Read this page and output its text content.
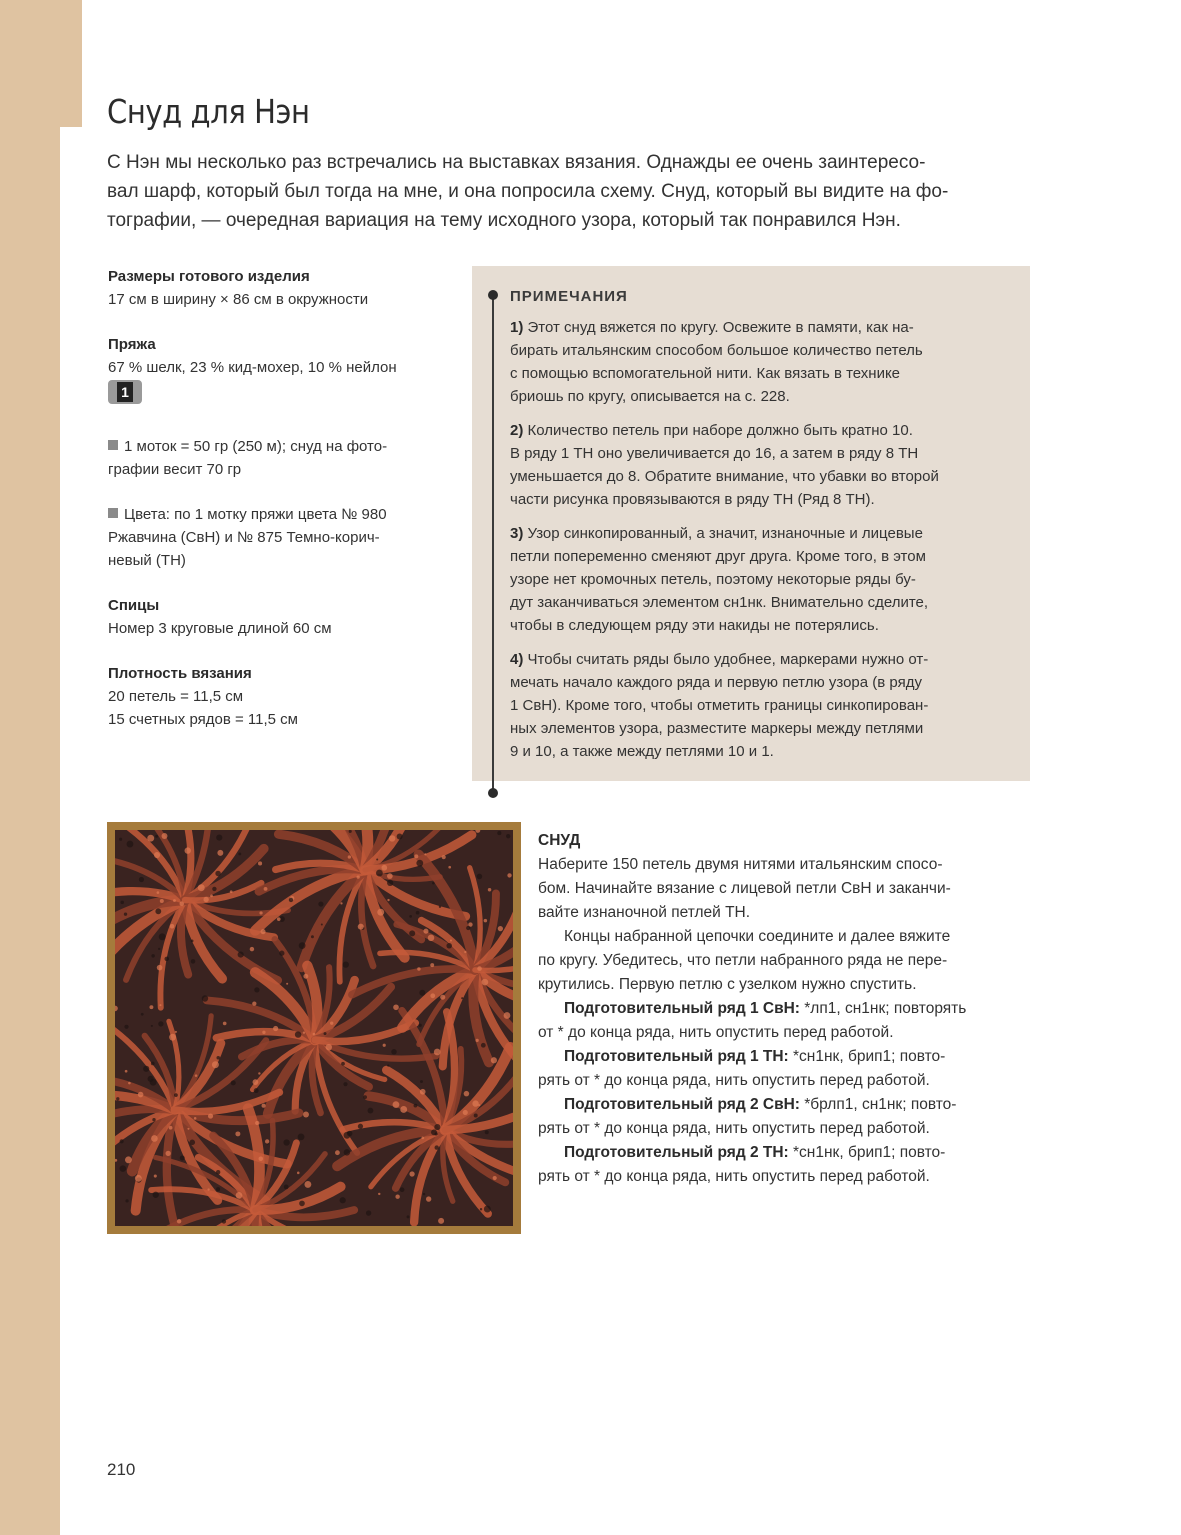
Снуд для Нэн

С Нэн мы несколько раз встречались на выставках вязания. Однажды ее очень заинтересо-
вал шарф, который был тогда на мне, и она попросила схему. Снуд, который вы видите на фо-
тографии, — очередная вариация на тему исходного узора, который так понравился Нэн.

Размеры готового изделия
17 см в ширину × 86 см в окружности
Пряжа
67 % шелк, 23 % кид-мохер, 10 % нейлон
1
1 моток = 50 гр (250 м); снуд на фото-
графии весит 70 гр
Цвета: по 1 мотку пряжи цвета № 980
Ржавчина (СвН) и № 875 Темно-корич-
невый (ТН)
Спицы
Номер 3 круговые длиной 60 см
Плотность вязания
20 петель = 11,5 см
15 счетных рядов = 11,5 см
ПРИМЕЧАНИЯ
1) Этот снуд вяжется по кругу. Освежите в памяти, как на-
бирать итальянским способом большое количество петель
с помощью вспомогательной нити. Как вязать в технике
бриошь по кругу, описывается на с. 228.
2) Количество петель при наборе должно быть кратно 10.
В ряду 1 ТН оно увеличивается до 16, а затем в ряду 8 ТН
уменьшается до 8. Обратите внимание, что убавки во второй
части рисунка провязываются в ряду ТН (Ряд 8 ТН).
3) Узор синкопированный, а значит, изнаночные и лицевые
петли попеременно сменяют друг друга. Кроме того, в этом
узоре нет кромочных петель, поэтому некоторые ряды бу-
дут заканчиваться элементом сн1нк. Внимательно сделите,
чтобы в следующем ряду эти накиды не потерялись.
4) Чтобы считать ряды было удобнее, маркерами нужно от-
мечать начало каждого ряда и первую петлю узора (в ряду
1 СвН). Кроме того, чтобы отметить границы синкопирован-
ных элементов узора, разместите маркеры между петлями
9 и 10, а также между петлями 10 и 1.
СНУД
Наберите 150 петель двумя нитями итальянским спосо-
бом. Начинайте вязание с лицевой петли СвН и заканчи-
вайте изнаночной петлей ТН.
Концы набранной цепочки соедините и далее вяжите
по кругу. Убедитесь, что петли набранного ряда не пере-
крутились. Первую петлю с узелком нужно спустить.
Подготовительный ряд 1 СвН: *лп1, сн1нк; повторять
от * до конца ряда, нить опустить перед работой.
Подготовительный ряд 1 ТН: *сн1нк, брип1; повто-
рять от * до конца ряда, нить опустить перед работой.
Подготовительный ряд 2 СвН: *брлп1, сн1нк; повто-
рять от * до конца ряда, нить опустить перед работой.
Подготовительный ряд 2 ТН: *сн1нк, брип1; повто-
рять от * до конца ряда, нить опустить перед работой.
210
